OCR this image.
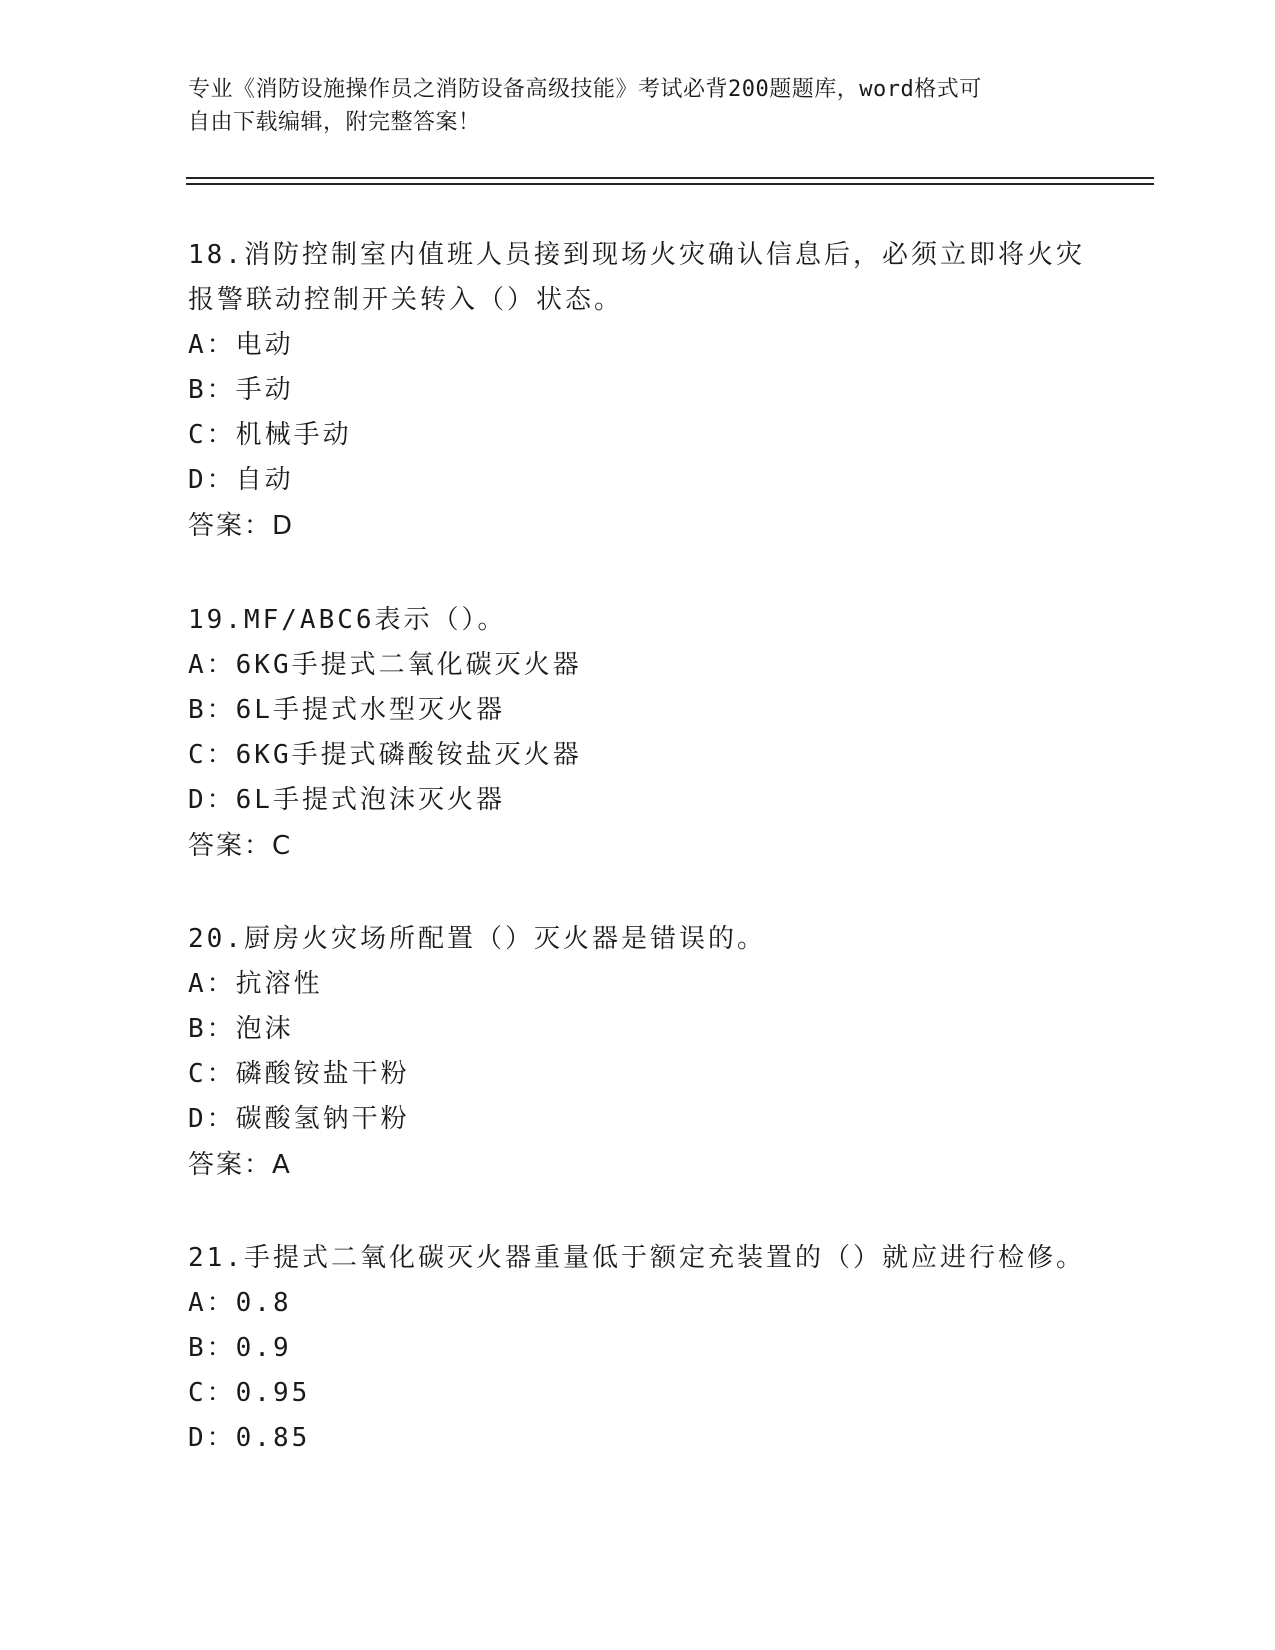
专业《消防设施操作员之消防设备高级技能》考试必背200题题库，word格式可
自由下载编辑，附完整答案！

18.消防控制室内值班人员接到现场火灾确认信息后，必须立即将火灾

报警联动控制开关转入（）状态。

A：电动

B：手动

C：机械手动

D：自动

答案：D

19.MF/ABC6表示（）。

A：6KG手提式二氧化碳灭火器

B：6L手提式水型灭火器

C：6KG手提式磷酸铵盐灭火器

D：6L手提式泡沫灭火器

答案：C

20.厨房火灾场所配置（）灭火器是错误的。

A：抗溶性

B：泡沫

C：磷酸铵盐干粉

D：碳酸氢钠干粉

答案：A

21.手提式二氧化碳灭火器重量低于额定充装置的（）就应进行检修。

A：0.8

B：0.9

C：0.95

D：0.85
